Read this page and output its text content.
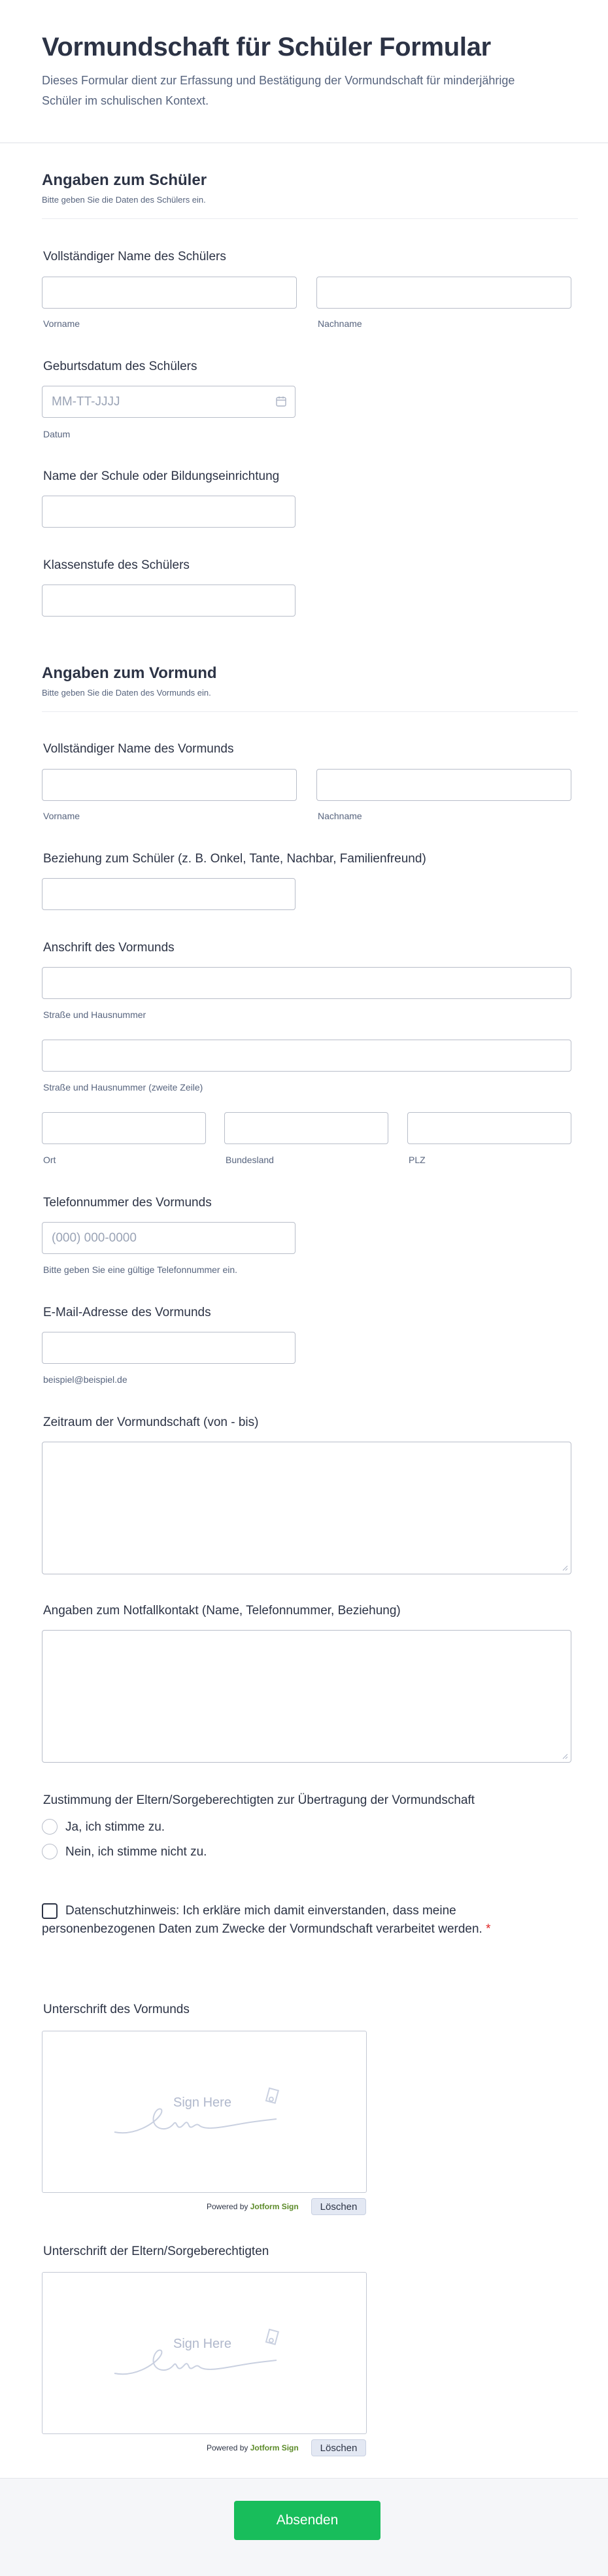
Vormundschaft für Schüler Formular
Dieses Formular dient zur Erfassung und Bestätigung der Vormundschaft für minderjährige Schüler im schulischen Kontext.
Angaben zum Schüler
Bitte geben Sie die Daten des Schülers ein.
Vollständiger Name des Schülers
Vorname	Nachname
Geburtsdatum des Schülers
MM-TT-JJJJ
Datum
Name der Schule oder Bildungseinrichtung
Klassenstufe des Schülers
Angaben zum Vormund
Bitte geben Sie die Daten des Vormunds ein.
Vollständiger Name des Vormunds
Vorname	Nachname
Beziehung zum Schüler (z. B. Onkel, Tante, Nachbar, Familienfreund)
Anschrift des Vormunds
Straße und Hausnummer
Straße und Hausnummer (zweite Zeile)
Ort	Bundesland	PLZ
Telefonnummer des Vormunds
(000) 000-0000
Bitte geben Sie eine gültige Telefonnummer ein.
E-Mail-Adresse des Vormunds
beispiel@beispiel.de
Zeitraum der Vormundschaft (von - bis)
Angaben zum Notfallkontakt (Name, Telefonnummer, Beziehung)
Zustimmung der Eltern/Sorgeberechtigten zur Übertragung der Vormundschaft
Ja, ich stimme zu.
Nein, ich stimme nicht zu.
Datenschutzhinweis: Ich erkläre mich damit einverstanden, dass meine personenbezogenen Daten zum Zwecke der Vormundschaft verarbeitet werden. *
Unterschrift des Vormunds
Sign Here
Powered by Jotform Sign	Löschen
Unterschrift der Eltern/Sorgeberechtigten
Sign Here
Powered by Jotform Sign	Löschen
Absenden
